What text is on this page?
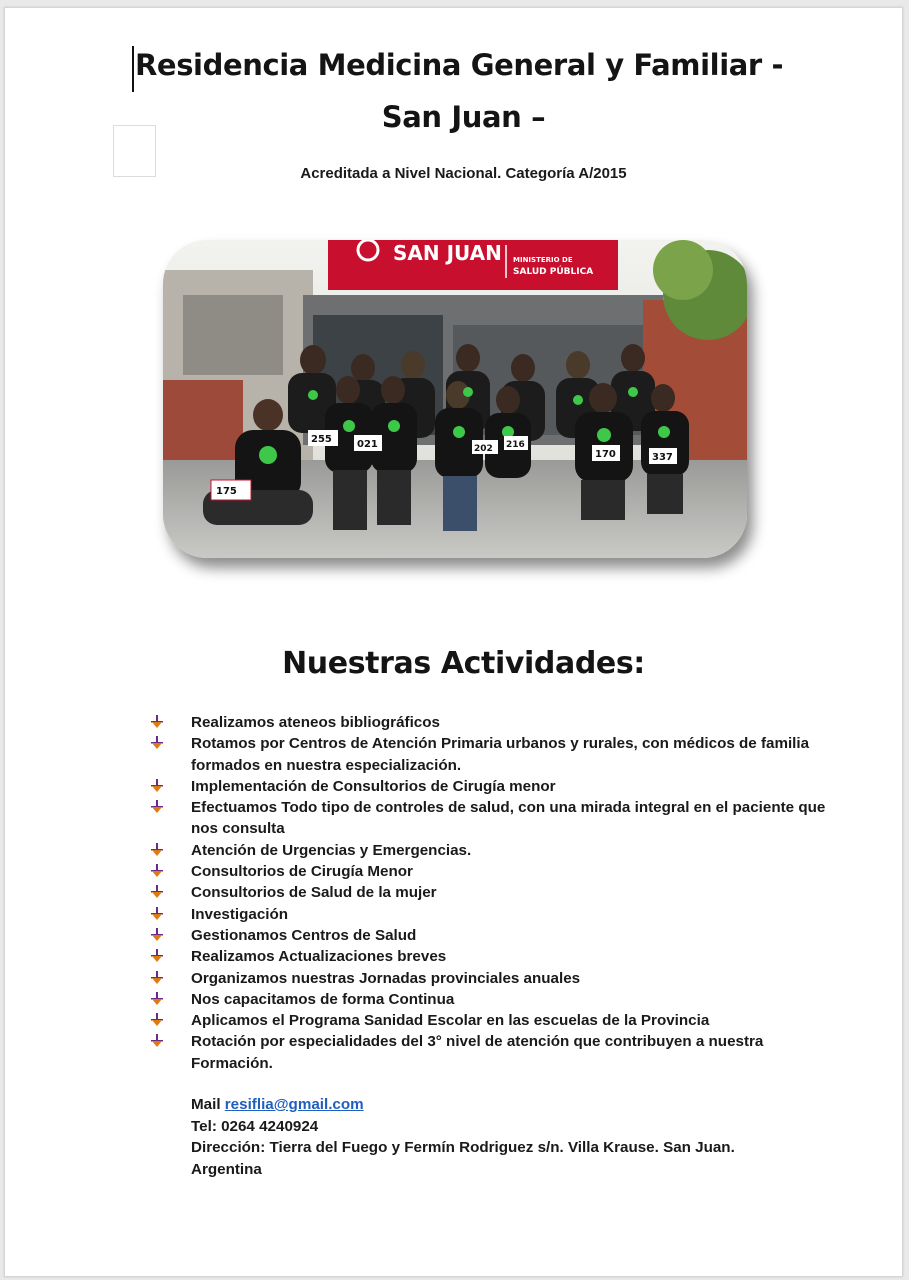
Residencia Medicina General y Familiar -
San Juan –
Acreditada a Nivel Nacional. Categoría A/2015
SAN JUAN MINISTERIO DE
SALUD PÚBLICA
175
255	021
170	337
202 216
Nuestras Actividades:
Realizamos ateneos bibliográficos
Rotamos por Centros de Atención Primaria urbanos y rurales, con médicos de familia formados en nuestra especialización.
Implementación de Consultorios de Cirugía menor
Efectuamos Todo tipo de controles de salud, con una mirada integral en el paciente que nos consulta
Atención de Urgencias y Emergencias.
Consultorios de Cirugía Menor
Consultorios de Salud de la mujer
Investigación
Gestionamos Centros de Salud
Realizamos Actualizaciones breves
Organizamos nuestras Jornadas provinciales anuales
Nos capacitamos de forma Continua
Aplicamos el Programa Sanidad Escolar en las escuelas de la Provincia
Rotación por especialidades del 3° nivel de atención que contribuyen a nuestra Formación.
Mail resiflia@gmail.com
Tel: 0264 4240924
Dirección: Tierra del Fuego y Fermín Rodriguez s/n. Villa Krause. San Juan.
Argentina
